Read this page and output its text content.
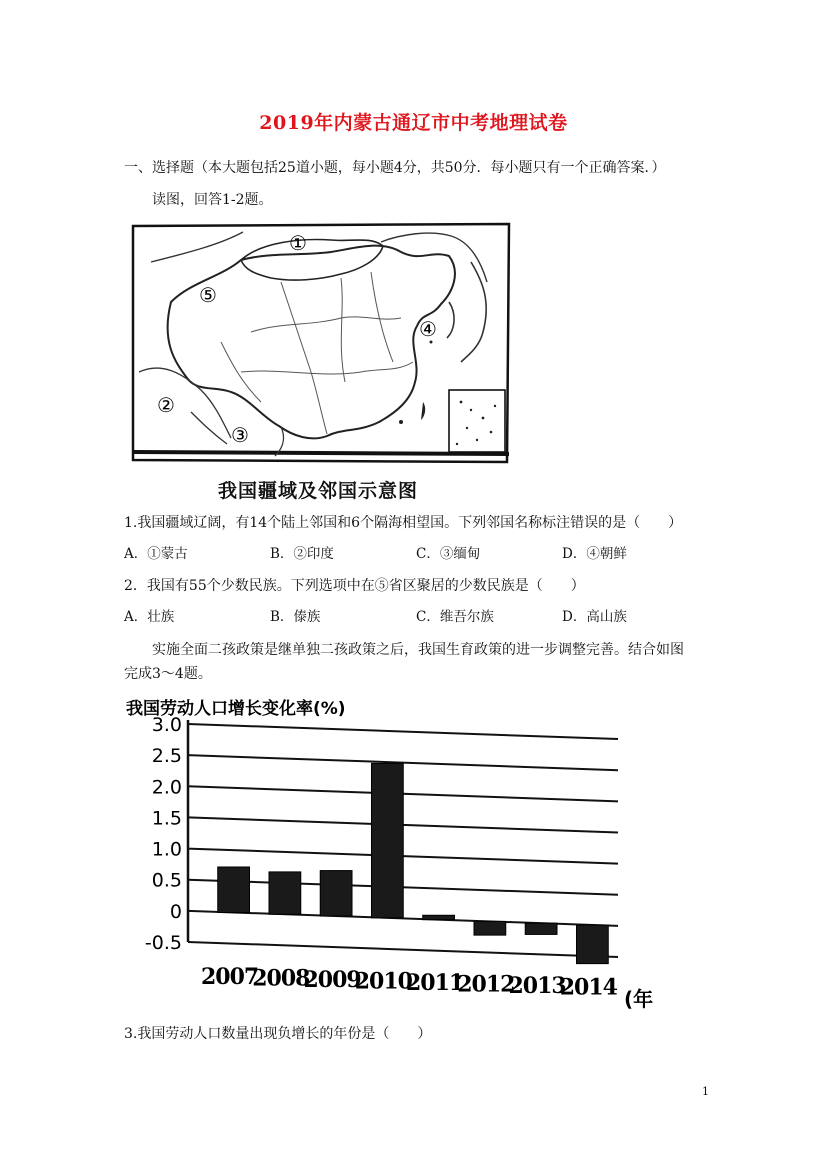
2019年内蒙古通辽市中考地理试卷
一、选择题（本大题包括25道小题，每小题4分，共50分．每小题只有一个正确答案．）
读图，回答1-2题。
①
②
③
④
⑤
我国疆域及邻国示意图
1.我国疆域辽阔，有14个陆上邻国和6个隔海相望国。下列邻国名称标注错误的是（　　）
A．①蒙古	B．②印度	C．③缅甸	D．④朝鲜
2．我国有55个少数民族。下列选项中在⑤省区聚居的少数民族是（　　）
A．壮族	B．傣族	C．维吾尔族	D．高山族
实施全面二孩政策是继单独二孩政策之后，我国生育政策的进一步调整完善。结合如图
完成3～4题。
我国劳动人口增长变化率(%)
3.0
2.5
2.0
1.5
1.0
0.5
0
-0.5
2007
2008
2009
2010
2011
2012
2013
2014 (年
3.我国劳动人口数量出现负增长的年份是（　　）
1
